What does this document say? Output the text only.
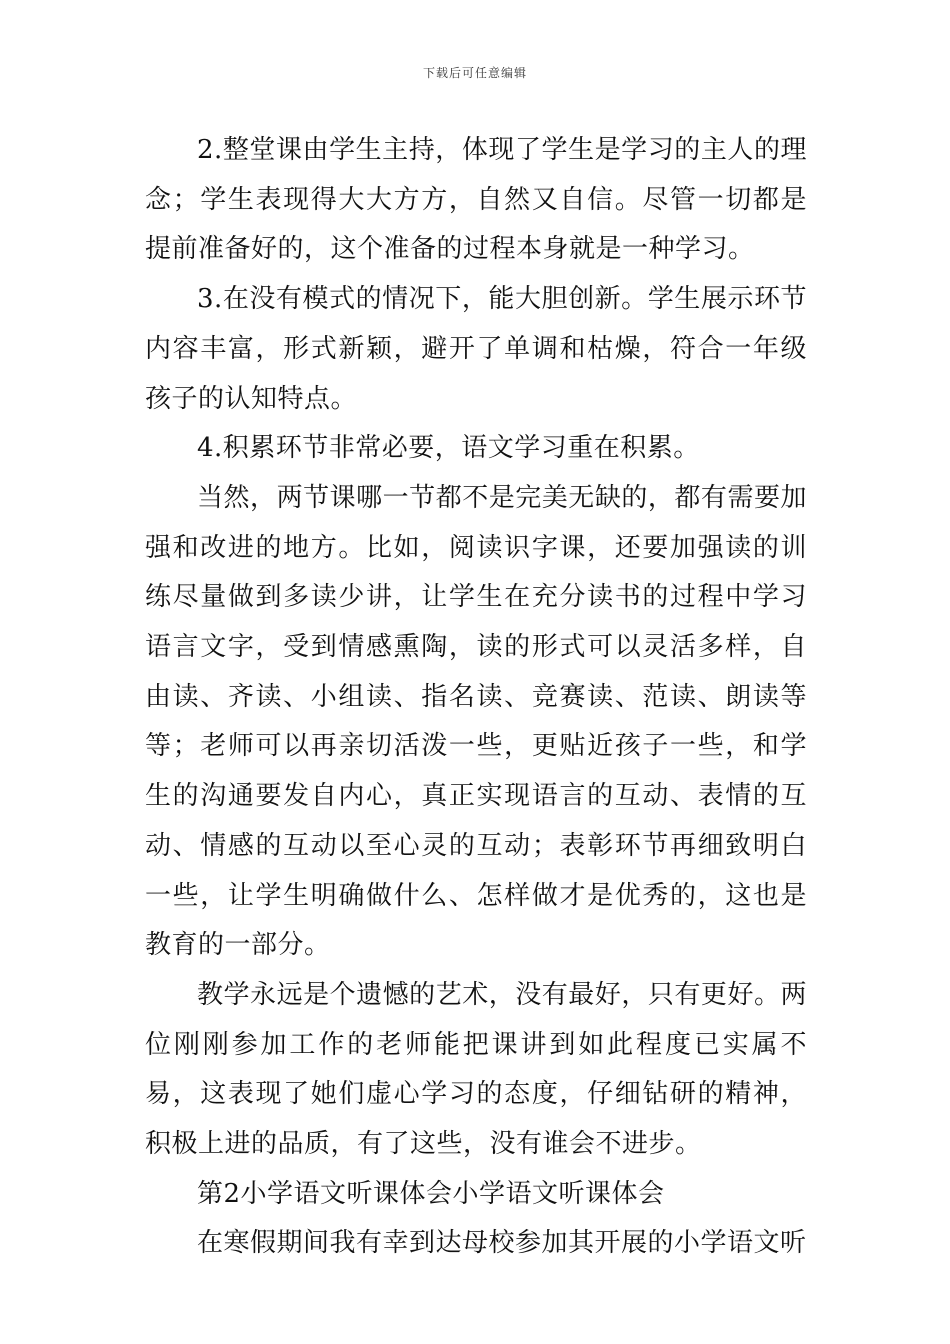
下载后可任意编辑

2.整堂课由学生主持，体现了学生是学习的主人的理念；学生表现得大大方方，自然又自信。尽管一切都是提前准备好的，这个准备的过程本身就是一种学习。

3.在没有模式的情况下，能大胆创新。学生展示环节内容丰富，形式新颖，避开了单调和枯燥，符合一年级孩子的认知特点。

4.积累环节非常必要，语文学习重在积累。

当然，两节课哪一节都不是完美无缺的，都有需要加强和改进的地方。比如，阅读识字课，还要加强读的训练尽量做到多读少讲，让学生在充分读书的过程中学习语言文字，受到情感熏陶，读的形式可以灵活多样，自由读、齐读、小组读、指名读、竞赛读、范读、朗读等等；老师可以再亲切活泼一些，更贴近孩子一些，和学生的沟通要发自内心，真正实现语言的互动、表情的互动、情感的互动以至心灵的互动；表彰环节再细致明白一些，让学生明确做什么、怎样做才是优秀的，这也是教育的一部分。

教学永远是个遗憾的艺术，没有最好，只有更好。两位刚刚参加工作的老师能把课讲到如此程度已实属不易，这表现了她们虚心学习的态度，仔细钻研的精神，积极上进的品质，有了这些，没有谁会不进步。

第2小学语文听课体会小学语文听课体会

在寒假期间我有幸到达母校参加其开展的小学语文听
